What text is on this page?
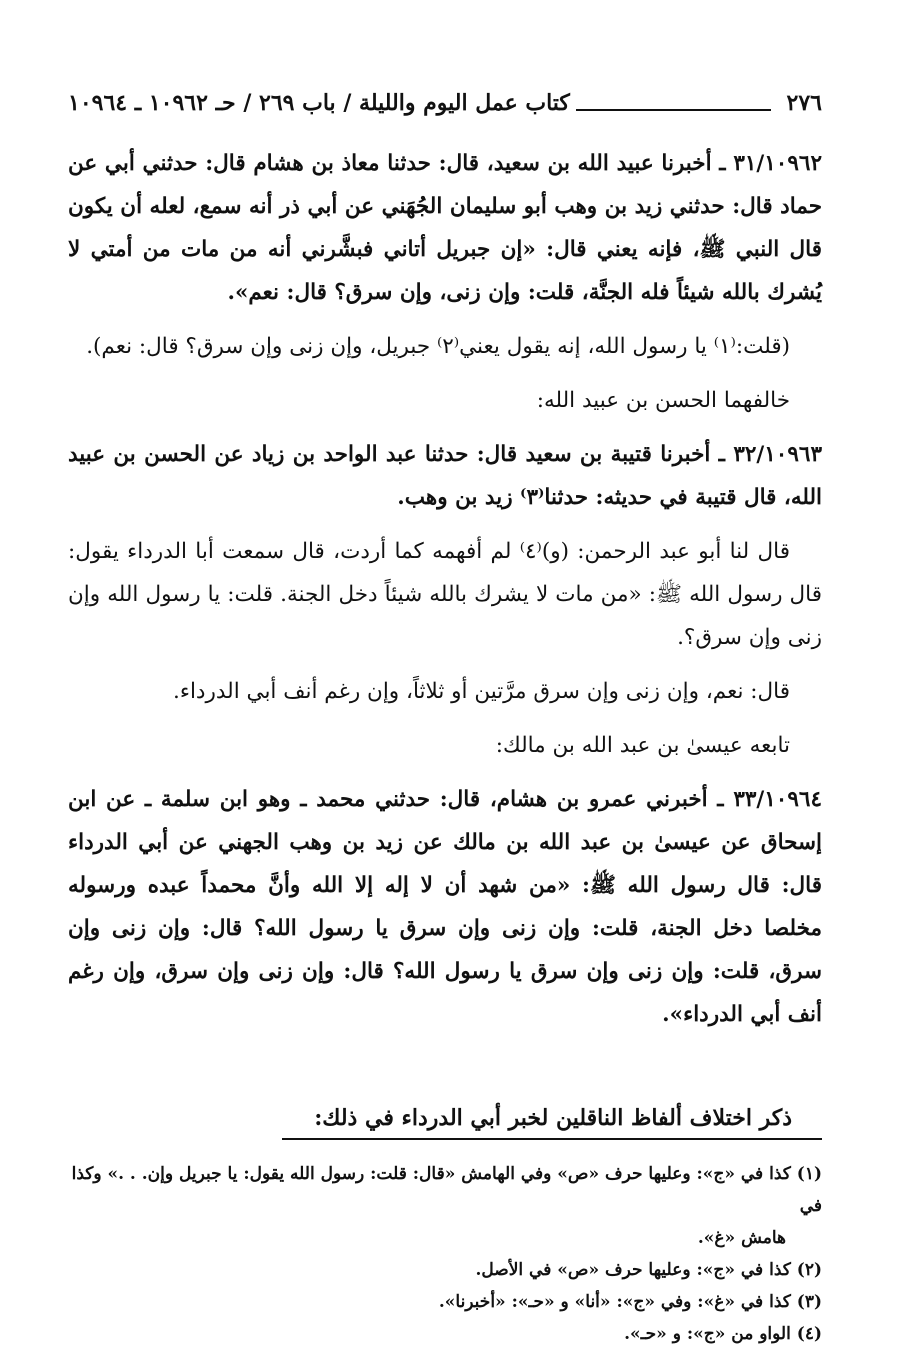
٢٧٦
كتاب عمل اليوم والليلة / باب ٢٦٩ / حـ ١٠٩٦٢ ـ ١٠٩٦٤

٣١/١٠٩٦٢ ـ أخبرنا عبيد الله بن سعيد، قال: حدثنا معاذ بن هشام قال: حدثني أبي عن حماد قال: حدثني زيد بن وهب أبو سليمان الجُهَني عن أبي ذر أنه سمع، لعله أن يكون قال النبي ﷺ، فإنه يعني قال: «إن جبريل أتاني فبشَّرني أنه من مات من أمتي لا يُشرك بالله شيئاً فله الجنَّة، قلت: وإن زنى، وإن سرق؟ قال: نعم».

(قلت:⁽١⁾ يا رسول الله، إنه يقول يعني⁽٢⁾ جبريل، وإن زنى وإن سرق؟ قال: نعم).

خالفهما الحسن بن عبيد الله:

٣٢/١٠٩٦٣ ـ أخبرنا قتيبة بن سعيد قال: حدثنا عبد الواحد بن زياد عن الحسن بن عبيد الله، قال قتيبة في حديثه: حدثنا⁽٣⁾ زيد بن وهب.

قال لنا أبو عبد الرحمن: (و)⁽٤⁾ لم أفهمه كما أردت، قال سمعت أبا الدرداء يقول: قال رسول الله ﷺ: «من مات لا يشرك بالله شيئاً دخل الجنة. قلت: يا رسول الله وإن زنى وإن سرق؟.

قال: نعم، وإن زنى وإن سرق مرَّتين أو ثلاثاً، وإن رغم أنف أبي الدرداء.

تابعه عيسىٰ بن عبد الله بن مالك:

٣٣/١٠٩٦٤ ـ أخبرني عمرو بن هشام، قال: حدثني محمد ـ وهو ابن سلمة ـ عن ابن إسحاق عن عيسىٰ بن عبد الله بن مالك عن زيد بن وهب الجهني عن أبي الدرداء قال: قال رسول الله ﷺ: «من شهد أن لا إله إلا الله وأنَّ محمداً عبده ورسوله مخلصا دخل الجنة، قلت: وإن زنى وإن سرق يا رسول الله؟ قال: وإن زنى وإن سرق، قلت: وإن زنى وإن سرق يا رسول الله؟ قال: وإن زنى وإن سرق، وإن رغم أنف أبي الدرداء».

ذكر اختلاف ألفاظ الناقلين لخبر أبي الدرداء في ذلك:

(١) كذا في «ج»: وعليها حرف «ص» وفي الهامش «قال: قلت: رسول الله يقول: يا جبريل وإن. . .» وكذا في
هامش «غ».

(٢) كذا في «ج»: وعليها حرف «ص» في الأصل.

(٣) كذا في «غ»: وفي «ج»: «أنا» و «حـ»: «أخبرنا».

(٤) الواو من «ج»: و «حـ».
